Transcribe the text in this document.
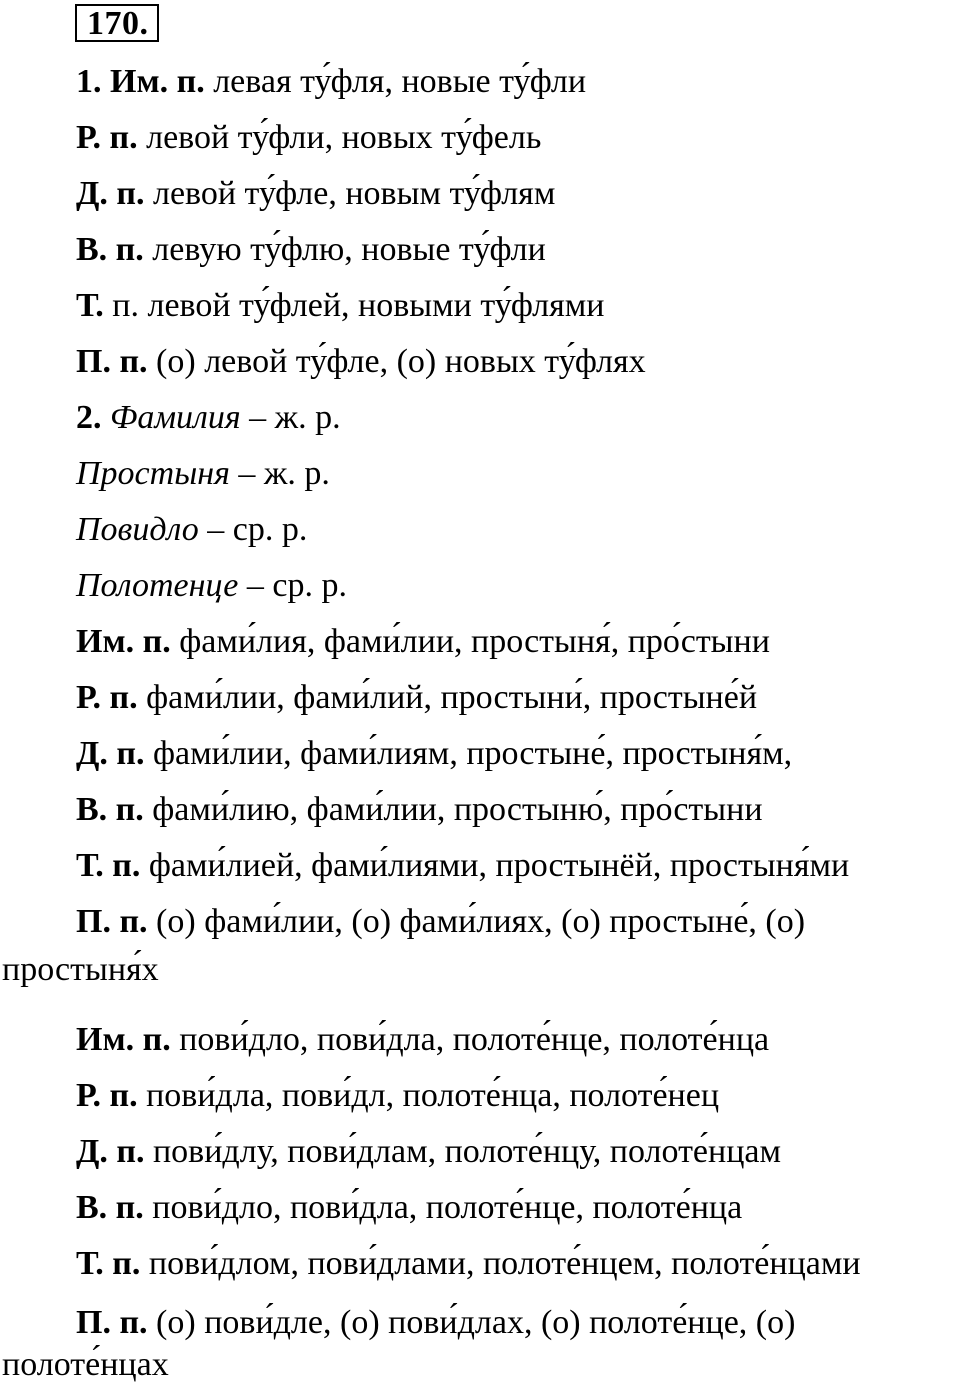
170.
1. Им. п. левая ту́фля, новые ту́фли
Р. п. левой ту́фли, новых ту́фель
Д. п. левой ту́фле, новым ту́флям
В. п. левую ту́флю, новые ту́фли
Т. п. левой ту́флей, новыми ту́флями
П. п. (о) левой ту́фле, (о) новых ту́флях
2. Фамилия – ж. р.
Простыня – ж. р.
Повидло – ср. р.
Полотенце – ср. р.
Им. п. фами́лия, фами́лии, простыня́, про́стыни
Р. п. фами́лии, фами́лий, простыни́, простыне́й
Д. п. фами́лии, фами́лиям, простыне́, простыня́м,
В. п. фами́лию, фами́лии, простыню́, про́стыни
Т. п. фами́лией, фами́лиями, простынёй, простыня́ми
П. п. (о) фами́лии, (о) фами́лиях, (о) простыне́, (о)
простыня́х
Им. п. пови́дло, пови́дла, полоте́нце, полоте́нца
Р. п. пови́дла, пови́дл, полоте́нца, полоте́нец
Д. п. пови́длу, пови́длам, полоте́нцу, полоте́нцам
В. п. пови́дло, пови́дла, полоте́нце, полоте́нца
Т. п. пови́длом, пови́длами, полоте́нцем, полоте́нцами
П. п. (о) пови́дле, (о) пови́длах, (о) полоте́нце, (о)
полоте́нцах
